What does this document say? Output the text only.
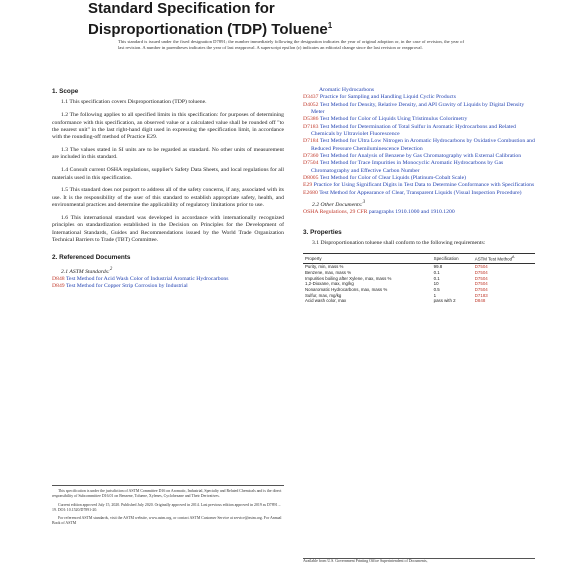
Standard Specification for
Disproportionation (TDP) Toluene$^1$
This standard is issued under the fixed designation D7891; the number immediately following the designation indicates the year of original adoption or, in the case of revision, the year of last revision. A number in parentheses indicates the year of last reapproval. A superscript epsilon (ε) indicates an editorial change since the last revision or reapproval.
1. Scope

1.1 This specification covers Disproportionation (TDP) toluene.

1.2 The following applies to all specified limits in this specification: for purposes of determining conformance with this specification, an observed value or a calculated value shall be rounded off "to the nearest unit" in the last right-hand digit used in expressing the specification limit, in accordance with the rounding-off method of Practice E29.

1.3 The values stated in SI units are to be regarded as standard. No other units of measurement are included in this standard.

1.4 Consult current OSHA regulations, supplier's Safety Data Sheets, and local regulations for all materials used in this specification.

1.5 This standard does not purport to address all of the safety concerns, if any, associated with its use. It is the responsibility of the user of this standard to establish appropriate safety, health, and environmental practices and determine the applicability of regulatory limitations prior to use.

1.6 This international standard was developed in accordance with internationally recognized principles on standardization established in the Decision on Principles for the Development of International Standards, Guides and Recommendations issued by the World Trade Organization Technical Barriers to Trade (TBT) Committee.

2. Referenced Documents

2.1 ASTM Standards:$^2$

D848 Test Method for Acid Wash Color of Industrial Aromatic Hydrocarbons

D849 Test Method for Copper Strip Corrosion by Industrial

This specification is under the jurisdiction of ASTM Committee D16 on Aromatic, Industrial, Specialty and Related Chemicals and is the direct responsibility of Subcommittee D16.01 on Benzene, Toluene, Xylenes, Cyclohexane and Their Derivatives.

Current edition approved July 15, 2020. Published July 2020. Originally approved in 2014. Last previous edition approved in 2019 as D7891 – 19. DOI: 10.1520/D7891-20.

For referenced ASTM standards, visit the ASTM website, www.astm.org, or contact ASTM Customer Service at service@astm.org. For Annual Book of ASTM

Aromatic Hydrocarbons

D3437 Practice for Sampling and Handling Liquid Cyclic Products

D4052 Test Method for Density, Relative Density, and API Gravity of Liquids by Digital Density Meter

D5386 Test Method for Color of Liquids Using Tristimulus Colorimetry

D7183 Test Method for Determination of Total Sulfur in Aromatic Hydrocarbons and Related Chemicals by Ultraviolet Fluorescence

D7184 Test Method for Ultra Low Nitrogen in Aromatic Hydrocarbons by Oxidative Combustion and Reduced Pressure Chemiluminescence Detection

D7360 Test Method for Analysis of Benzene by Gas Chromatography with External Calibration

D7504 Test Method for Trace Impurities in Monocyclic Aromatic Hydrocarbons by Gas Chromatography and Effective Carbon Number

D8005 Test Method for Color of Clear Liquids (Platinum-Cobalt Scale)

E29 Practice for Using Significant Digits in Test Data to Determine Conformance with Specifications

E2680 Test Method for Appearance of Clear, Transparent Liquids (Visual Inspection Procedure)

2.2 Other Documents:$^3$

OSHA Regulations, 29 CFR paragraphs 1910.1000 and 1910.1200

3. Properties

3.1 Disproportionation toluene shall conform to the following requirements:

Property	Specification	ASTM Test Method$^A$
Purity, min, mass %	99.8	D7504
Benzene, max, mass %	0.1	D7504
Impurities boiling after Xylene, max, mass %	0.1	D7504
1,2-Dioxane, max, mg/kg	10	D7504
Nonaromatic Hydrocarbons, max, mass %	0.5	D7504
Sulfur, max, mg/kg	1	D7183
Acid wash color, max	pass with 2	D848
Available from U.S. Government Printing Office Superintendent of Documents,
